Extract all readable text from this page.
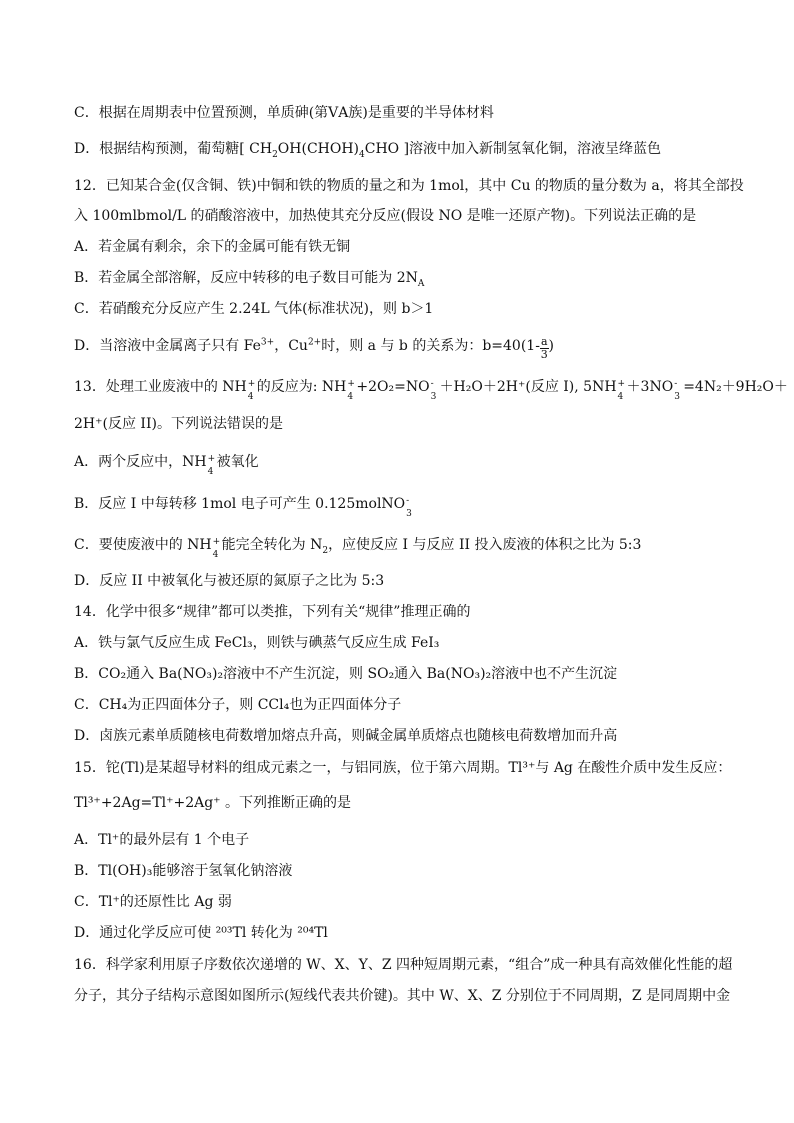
C．根据在周期表中位置预测，单质砷(第ⅤA族)是重要的半导体材料
D．根据结构预测，葡萄糖[ $CH_2OH(CHOH)_4CHO$ ]溶液中加入新制氢氧化铜，溶液呈绛蓝色
12．已知某合金(仅含铜、铁)中铜和铁的物质的量之和为 1mol，其中 Cu 的物质的量分数为 a，将其全部投
入 100mlbmol/L 的硝酸溶液中，加热使其充分反应(假设 NO 是唯一还原产物)。下列说法正确的是
A．若金属有剩余，余下的金属可能有铁无铜
B．若金属全部溶解，反应中转移的电子数目可能为 $2N_A$
C．若硝酸充分反应产生 2.24L 气体(标准状况)，则 b＞1
D．当溶液中金属离子只有 $Fe^{3+}$，$Cu^{2+}$时，则 a 与 b 的关系为：$b=40(1- \frac{a}{3}$ )
13．处理工业废液中的 NH +
4
的反应为: NH +
4
+2O₂=NO -
3
＋H₂O＋2H⁺(反应 I), 5NH +
4
＋3NO -
3
=4N₂＋9H₂O＋
2H⁺(反应 II)。下列说法错误的是
A．两个反应中，NH +
4
被氧化
B．反应 I 中每转移 1mol 电子可产生 0.125molNO -
3
C．要使废液中的 NH +
4
能完全转化为 $N_2$，应使反应 I 与反应 II 投入废液的体积之比为 5:3
D．反应 II 中被氧化与被还原的氮原子之比为 5:3
14．化学中很多“规律”都可以类推，下列有关“规律”推理正确的
A．铁与氯气反应生成 FeCl₃，则铁与碘蒸气反应生成 FeI₃
B．CO₂通入 Ba(NO₃)₂溶液中不产生沉淀，则 SO₂通入 Ba(NO₃)₂溶液中也不产生沉淀
C．CH₄为正四面体分子，则 CCl₄也为正四面体分子
D．卤族元素单质随核电荷数增加熔点升高，则碱金属单质熔点也随核电荷数增加而升高
15．铊(Tl)是某超导材料的组成元素之一，与铝同族，位于第六周期。Tl³⁺与 Ag 在酸性介质中发生反应：
Tl³⁺+2Ag=Tl⁺+2Ag⁺ 。下列推断正确的是
A．Tl⁺的最外层有 1 个电子
B．Tl(OH)₃能够溶于氢氧化钠溶液
C．Tl⁺的还原性比 Ag 弱
D．通过化学反应可使 ²⁰³Tl 转化为 ²⁰⁴Tl
16．科学家利用原子序数依次递增的 W、X、Y、Z 四种短周期元素，“组合”成一种具有高效催化性能的超
分子，其分子结构示意图如图所示(短线代表共价键)。其中 W、X、Z 分别位于不同周期，Z 是同周期中金
